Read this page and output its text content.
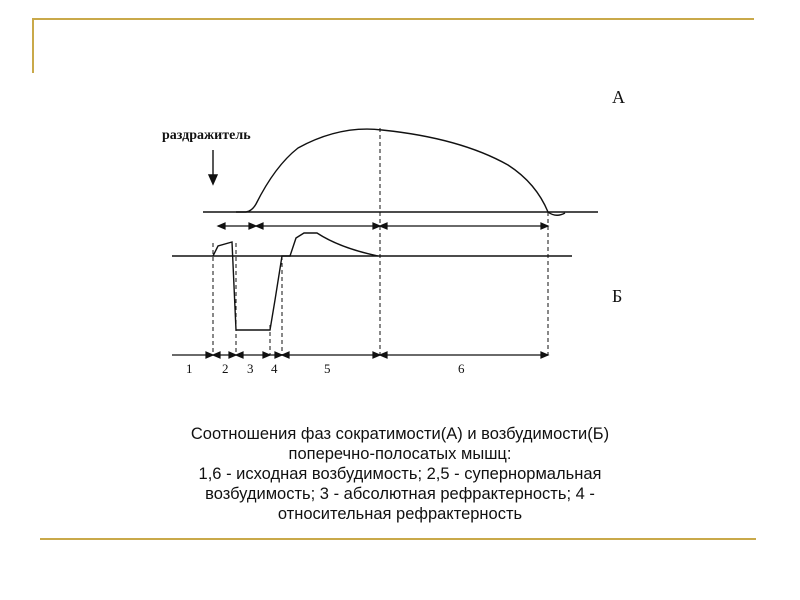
А
Б
раздражитель
1 2 3 4	5	6
Соотношения фаз сократимости(А) и возбудимости(Б)
поперечно-полосатых мышц:
1,6 - исходная возбудимость; 2,5 - супернормальная
возбудимость; 3 - абсолютная рефрактерность; 4 -
относительная рефрактерность
